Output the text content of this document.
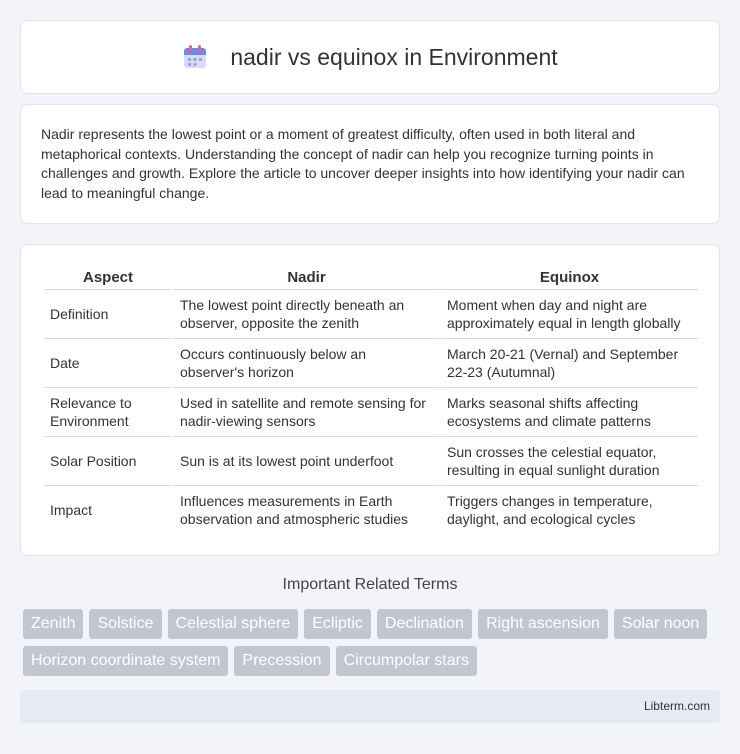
nadir vs equinox in Environment

Nadir represents the lowest point or a moment of greatest difficulty, often used in both literal and metaphorical contexts. Understanding the concept of nadir can help you recognize turning points in challenges and growth. Explore the article to uncover deeper insights into how identifying your nadir can lead to meaningful change.

Aspect	Nadir	Equinox
Definition	The lowest point directly beneath an observer, opposite the zenith	Moment when day and night are approximately equal in length globally
Date	Occurs continuously below an observer's horizon	March 20-21 (Vernal) and September 22-23 (Autumnal)
Relevance to Environment	Used in satellite and remote sensing for nadir-viewing sensors	Marks seasonal shifts affecting ecosystems and climate patterns
Solar Position	Sun is at its lowest point underfoot	Sun crosses the celestial equator, resulting in equal sunlight duration
Impact	Influences measurements in Earth observation and atmospheric studies	Triggers changes in temperature, daylight, and ecological cycles
Important Related Terms
Zenith	Solstice	Celestial sphere	Ecliptic	Declination	Right ascension	Solar noon
Horizon coordinate system	Precession	Circumpolar stars
Libterm.com
